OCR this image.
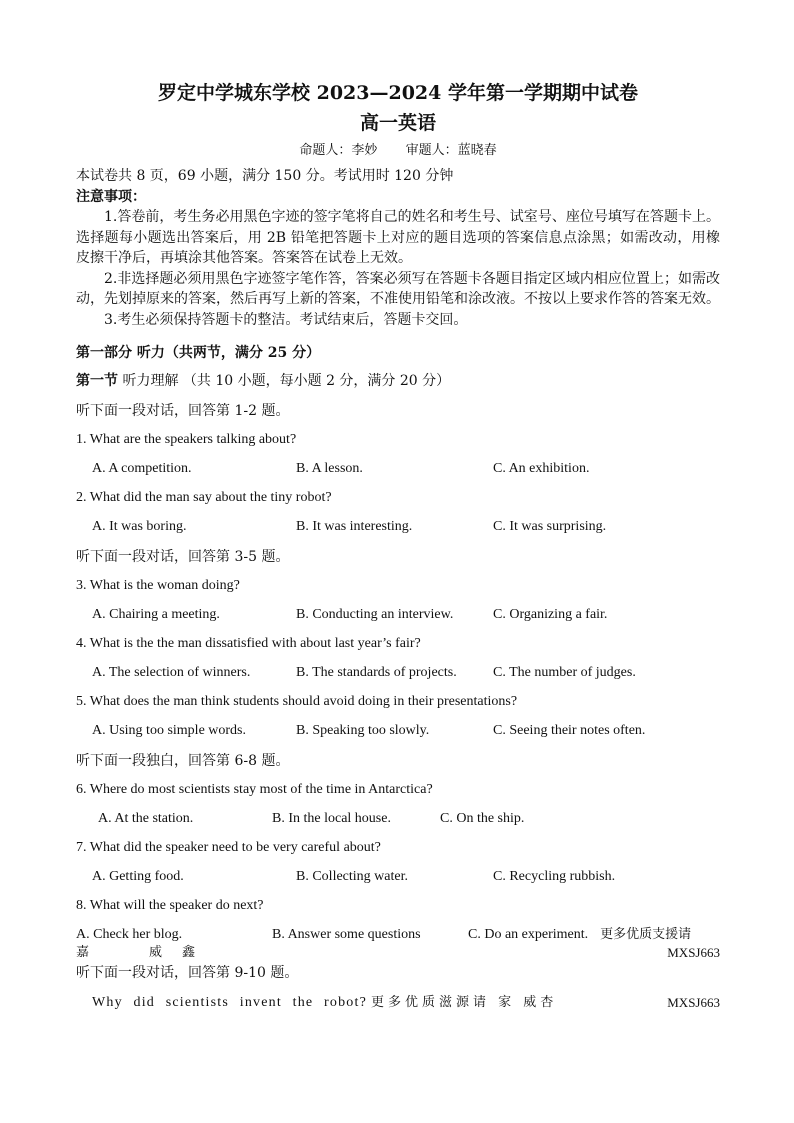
罗定中学城东学校 2023—2024 学年第一学期期中试卷

高一英语

命题人：李妙 审题人：蓝晓春

本试卷共 8 页，69 小题，满分 150 分。考试用时 120 分钟

注意事项：

1.答卷前，考生务必用黑色字迹的签字笔将自己的姓名和考生号、试室号、座位号填写在答题卡上。选择题每小题选出答案后，用 2B 铅笔把答题卡上对应的题目选项的答案信息点涂黑；如需改动，用橡皮擦干净后，再填涂其他答案。答案答在试卷上无效。

2.非选择题必须用黑色字迹签字笔作答，答案必须写在答题卡各题目指定区域内相应位置上；如需改动，先划掉原来的答案，然后再写上新的答案，不准使用铅笔和涂改液。不按以上要求作答的答案无效。

3.考生必须保持答题卡的整洁。考试结束后，答题卡交回。

第一部分 听力（共两节，满分 25 分）
第一节 听力理解 （共 10 小题，每小题 2 分，满分 20 分）
听下面一段对话，回答第 1-2 题。
1. What are the speakers talking about?
A. A competition.	B. A lesson.	C. An exhibition.
2. What did the man say about the tiny robot?
A. It was boring.	B. It was interesting.	C. It was surprising.
听下面一段对话，回答第 3-5 题。
3. What is the woman doing?
A. Chairing a meeting.	B. Conducting an interview.	C. Organizing a fair.
4. What is the the man dissatisfied with about last year’s fair?
A. The selection of winners.	B. The standards of projects.	C. The number of judges.
5. What does the man think students should avoid doing in their presentations?
A. Using too simple words.	B. Speaking too slowly.	C. Seeing their notes often.
听下面一段独白，回答第 6-8 题。
6. Where do most scientists stay most of the time in Antarctica?
A. At the station.	B. In the local house.	C. On the ship.
7. What did the speaker need to be very careful about?
A. Getting food.	B. Collecting water.	C. Recycling rubbish.
8. What will the speaker do next?
A. Check her blog.	B. Answer some questions	C. Do an experiment. 更多优质支援请
嘉	威 鑫	MXSJ663
听下面一段对话，回答第 9-10 题。
Why did scientists invent the robot? 更多优质滋源请 家 威杏	MXSJ663
